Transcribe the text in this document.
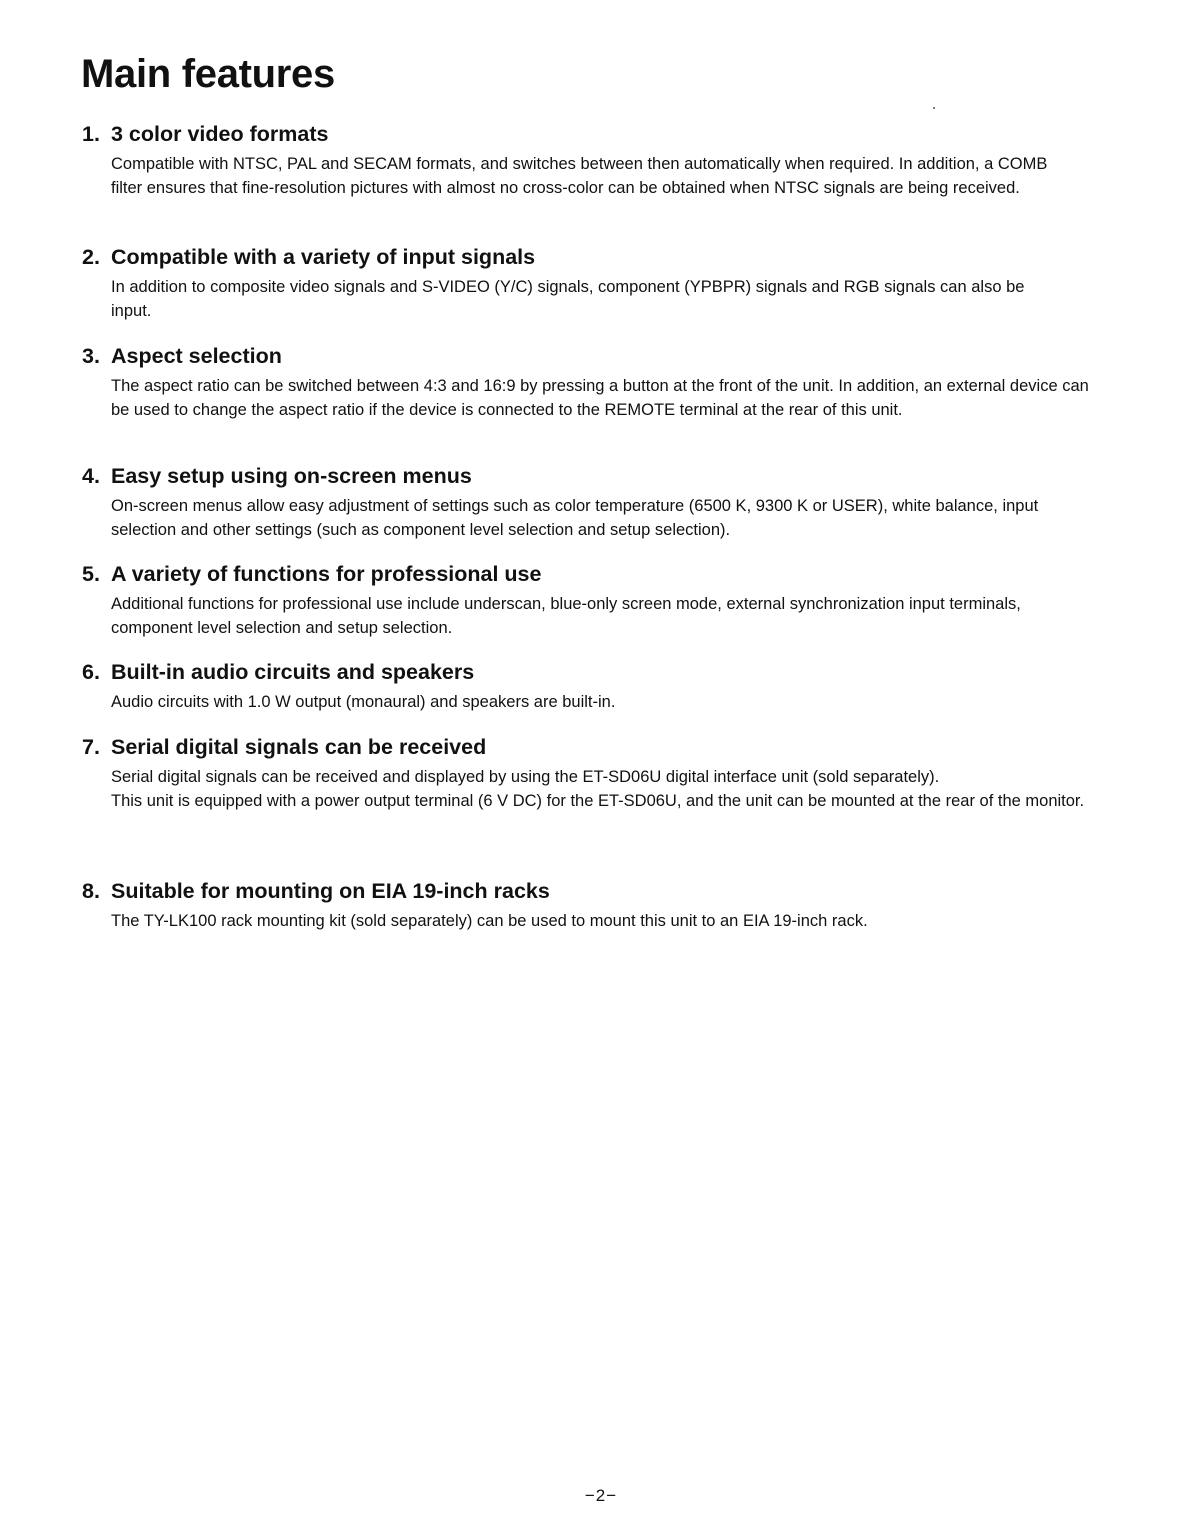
Main features
1. 3 color video formats

Compatible with NTSC, PAL and SECAM formats, and switches between then automatically when required. In addition, a COMB filter ensures that fine-resolution pictures with almost no cross-color can be obtained when NTSC signals are being received.

2. Compatible with a variety of input signals

In addition to composite video signals and S-VIDEO (Y/C) signals, component (YPBPR) signals and RGB signals can also be input.

3. Aspect selection

The aspect ratio can be switched between 4:3 and 16:9 by pressing a button at the front of the unit. In addition, an external device can be used to change the aspect ratio if the device is connected to the REMOTE terminal at the rear of this unit.

4. Easy setup using on-screen menus

On-screen menus allow easy adjustment of settings such as color temperature (6500 K, 9300 K or USER), white balance, input selection and other settings (such as component level selection and setup selection).

5. A variety of functions for professional use

Additional functions for professional use include underscan, blue-only screen mode, external synchronization input terminals, component level selection and setup selection.

6. Built-in audio circuits and speakers

Audio circuits with 1.0 W output (monaural) and speakers are built-in.

7. Serial digital signals can be received

Serial digital signals can be received and displayed by using the ET-SD06U digital interface unit (sold separately).

This unit is equipped with a power output terminal (6 V DC) for the ET-SD06U, and the unit can be mounted at the rear of the monitor.

8. Suitable for mounting on EIA 19-inch racks

The TY-LK100 rack mounting kit (sold separately) can be used to mount this unit to an EIA 19-inch rack.

−2−
